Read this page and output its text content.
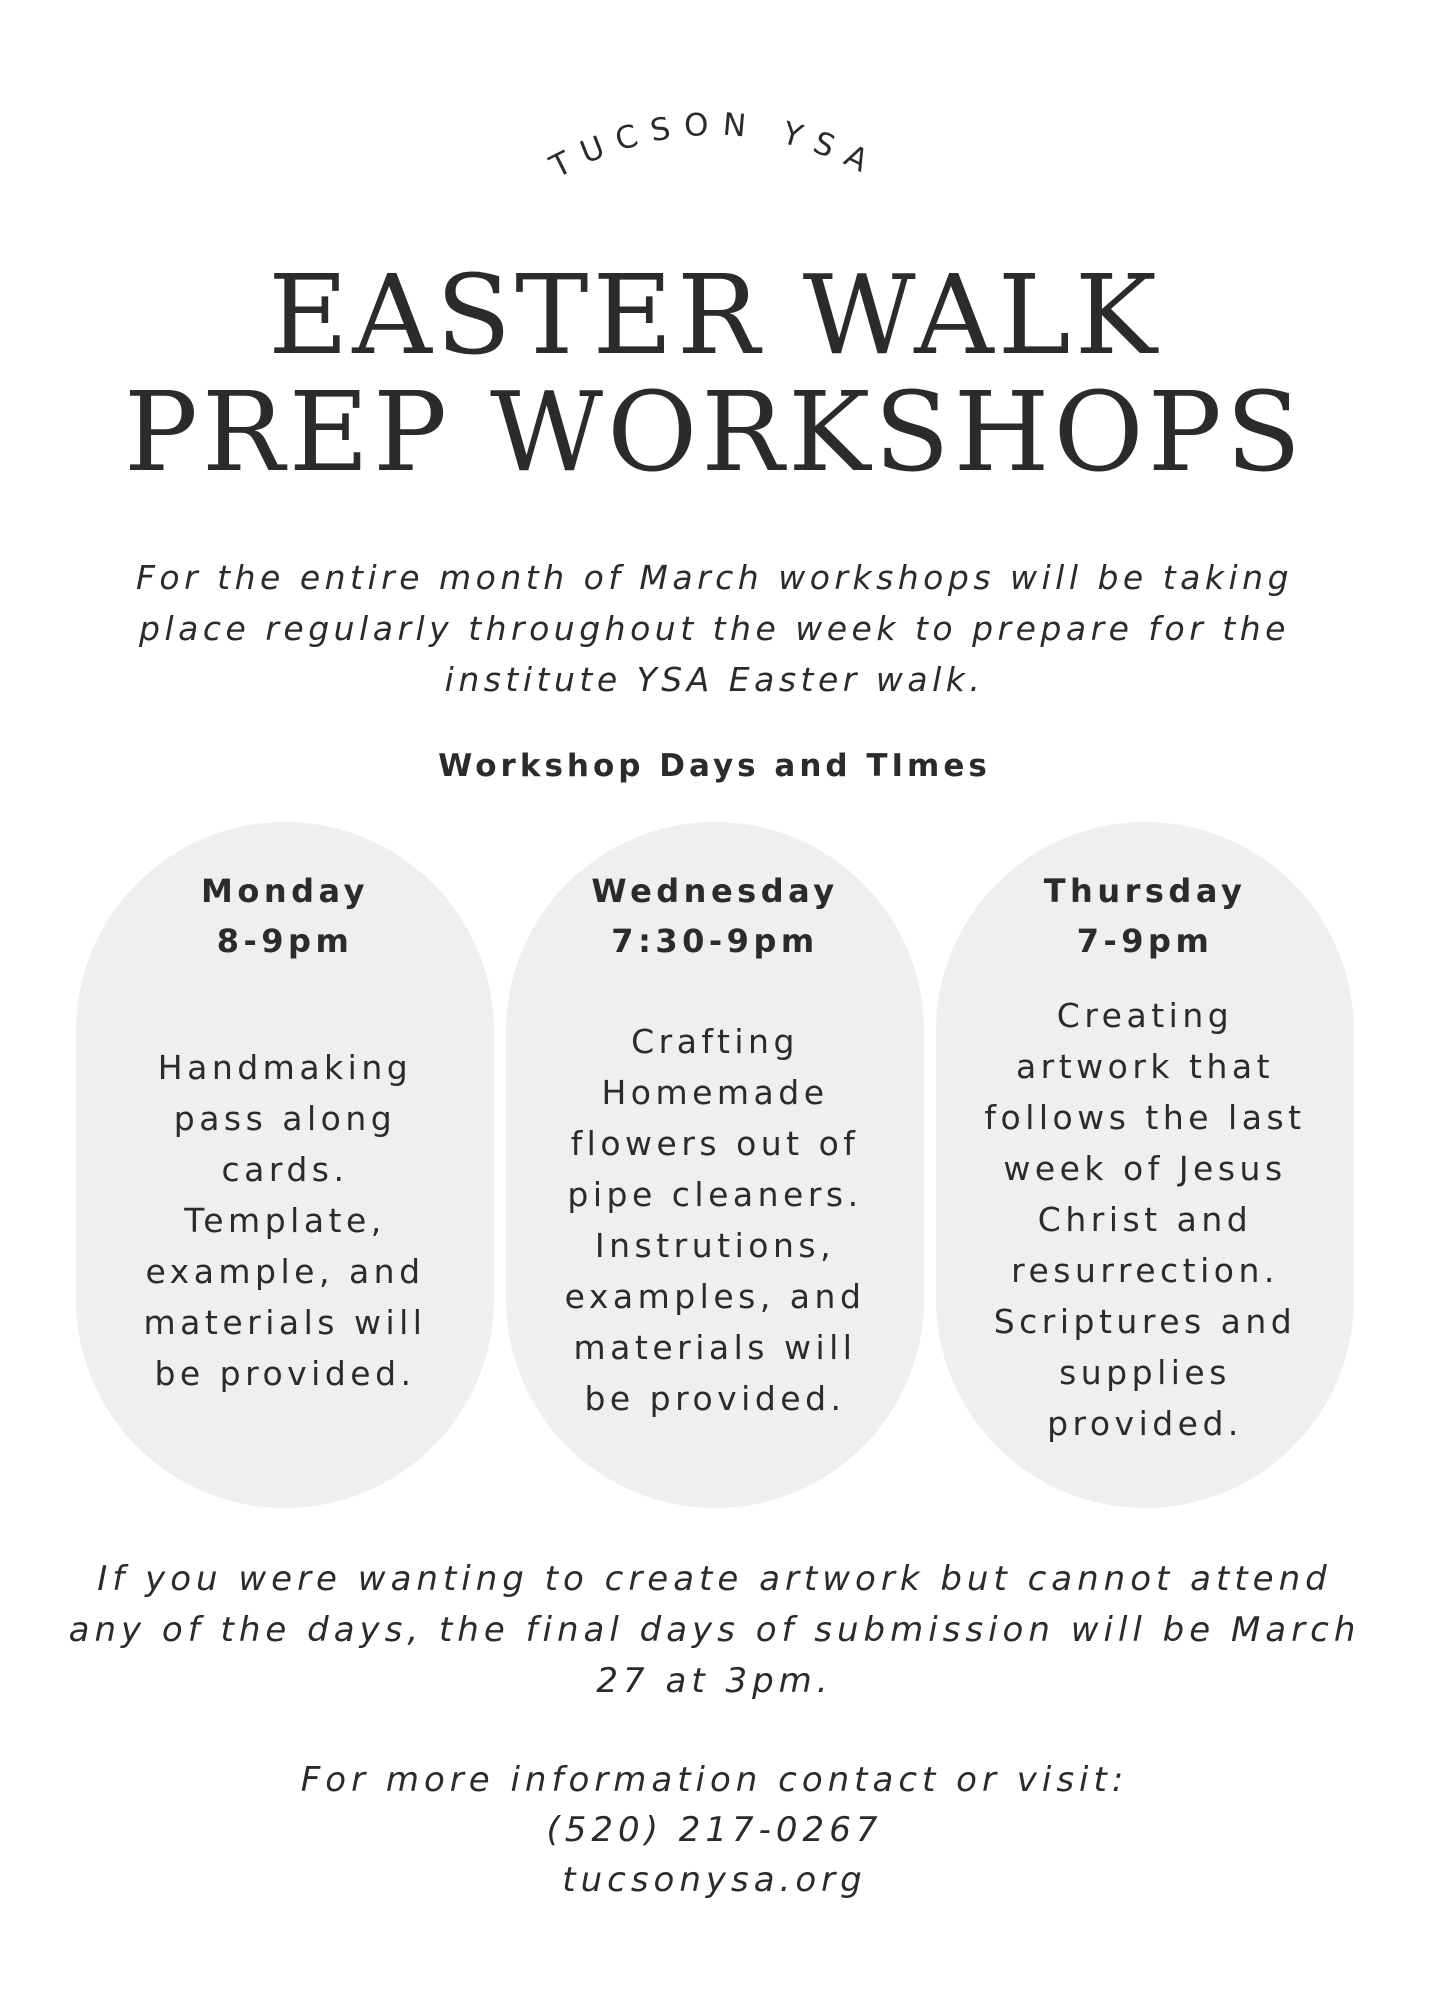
TUCSON YSA
EASTER WALK
PREP WORKSHOPS

For the entire month of March workshops will be taking place regularly throughout the week to prepare for the institute YSA Easter walk.

Workshop Days and TImes

Monday
8-9pm
Handmaking
pass along
cards.
Template,
example, and
materials will
be provided.
Wednesday
7:30-9pm
Crafting
Homemade
flowers out of
pipe cleaners.
Instrutions,
examples, and
materials will
be provided.
Thursday
7-9pm
Creating
artwork that
follows the last
week of Jesus
Christ and
resurrection.
Scriptures and
supplies
provided.

If you were wanting to create artwork but cannot attend any of the days, the final days of submission will be March 27 at 3pm.

For more information contact or visit:
(520) 217-0267
tucsonysa.org
